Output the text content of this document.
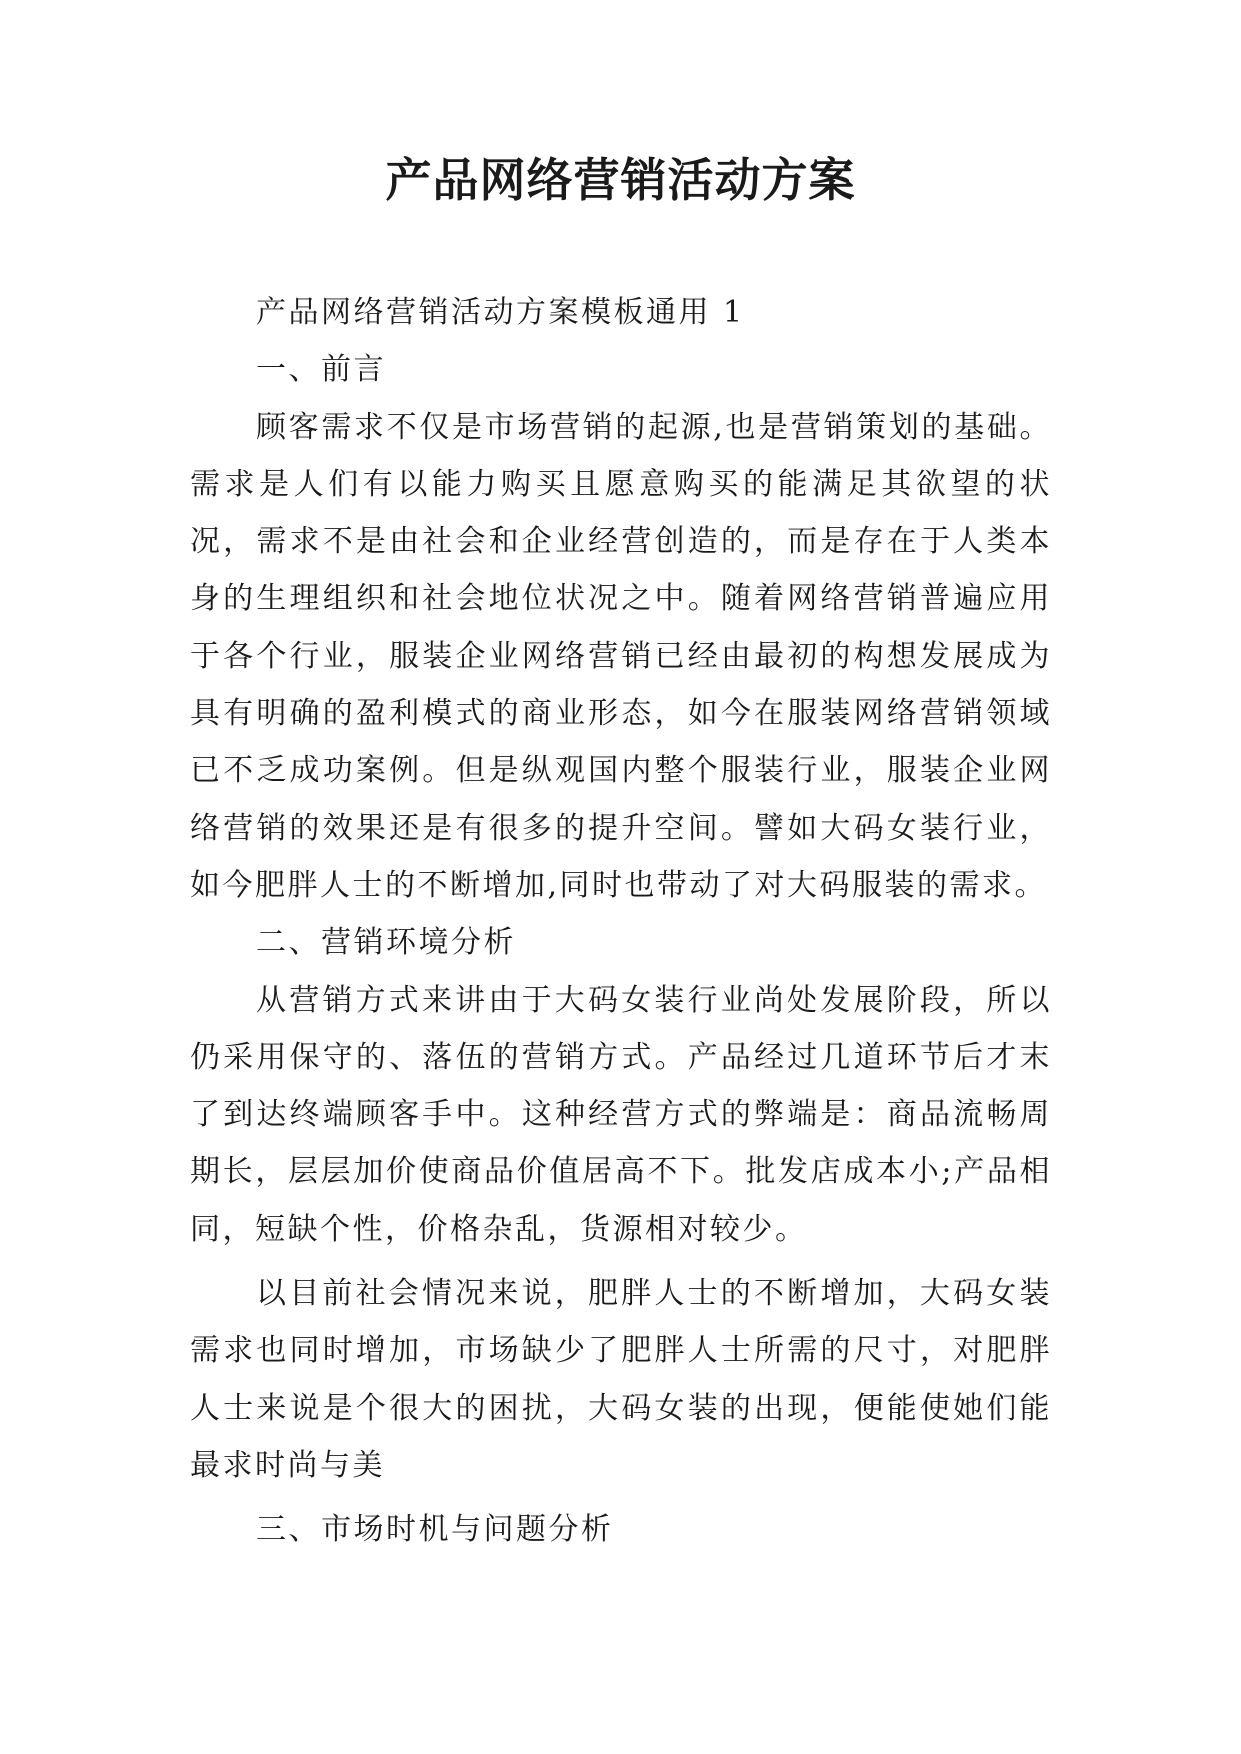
产品网络营销活动方案

产品网络营销活动方案模板通用 1

一、前言

顾客需求不仅是市场营销的起源,也是营销策划的基础。需求是人们有以能力购买且愿意购买的能满足其欲望的状况，需求不是由社会和企业经营创造的，而是存在于人类本身的生理组织和社会地位状况之中。随着网络营销普遍应用于各个行业，服装企业网络营销已经由最初的构想发展成为具有明确的盈利模式的商业形态，如今在服装网络营销领域已不乏成功案例。但是纵观国内整个服装行业，服装企业网络营销的效果还是有很多的提升空间。譬如大码女装行业，如今肥胖人士的不断增加,同时也带动了对大码服装的需求。

二、营销环境分析

从营销方式来讲由于大码女装行业尚处发展阶段，所以仍采用保守的、落伍的营销方式。产品经过几道环节后才末了到达终端顾客手中。这种经营方式的弊端是：商品流畅周期长，层层加价使商品价值居高不下。批发店成本小;产品相同，短缺个性，价格杂乱，货源相对较少。

以目前社会情况来说，肥胖人士的不断增加，大码女装需求也同时增加，市场缺少了肥胖人士所需的尺寸，对肥胖人士来说是个很大的困扰，大码女装的出现，便能使她们能最求时尚与美

三、市场时机与问题分析
